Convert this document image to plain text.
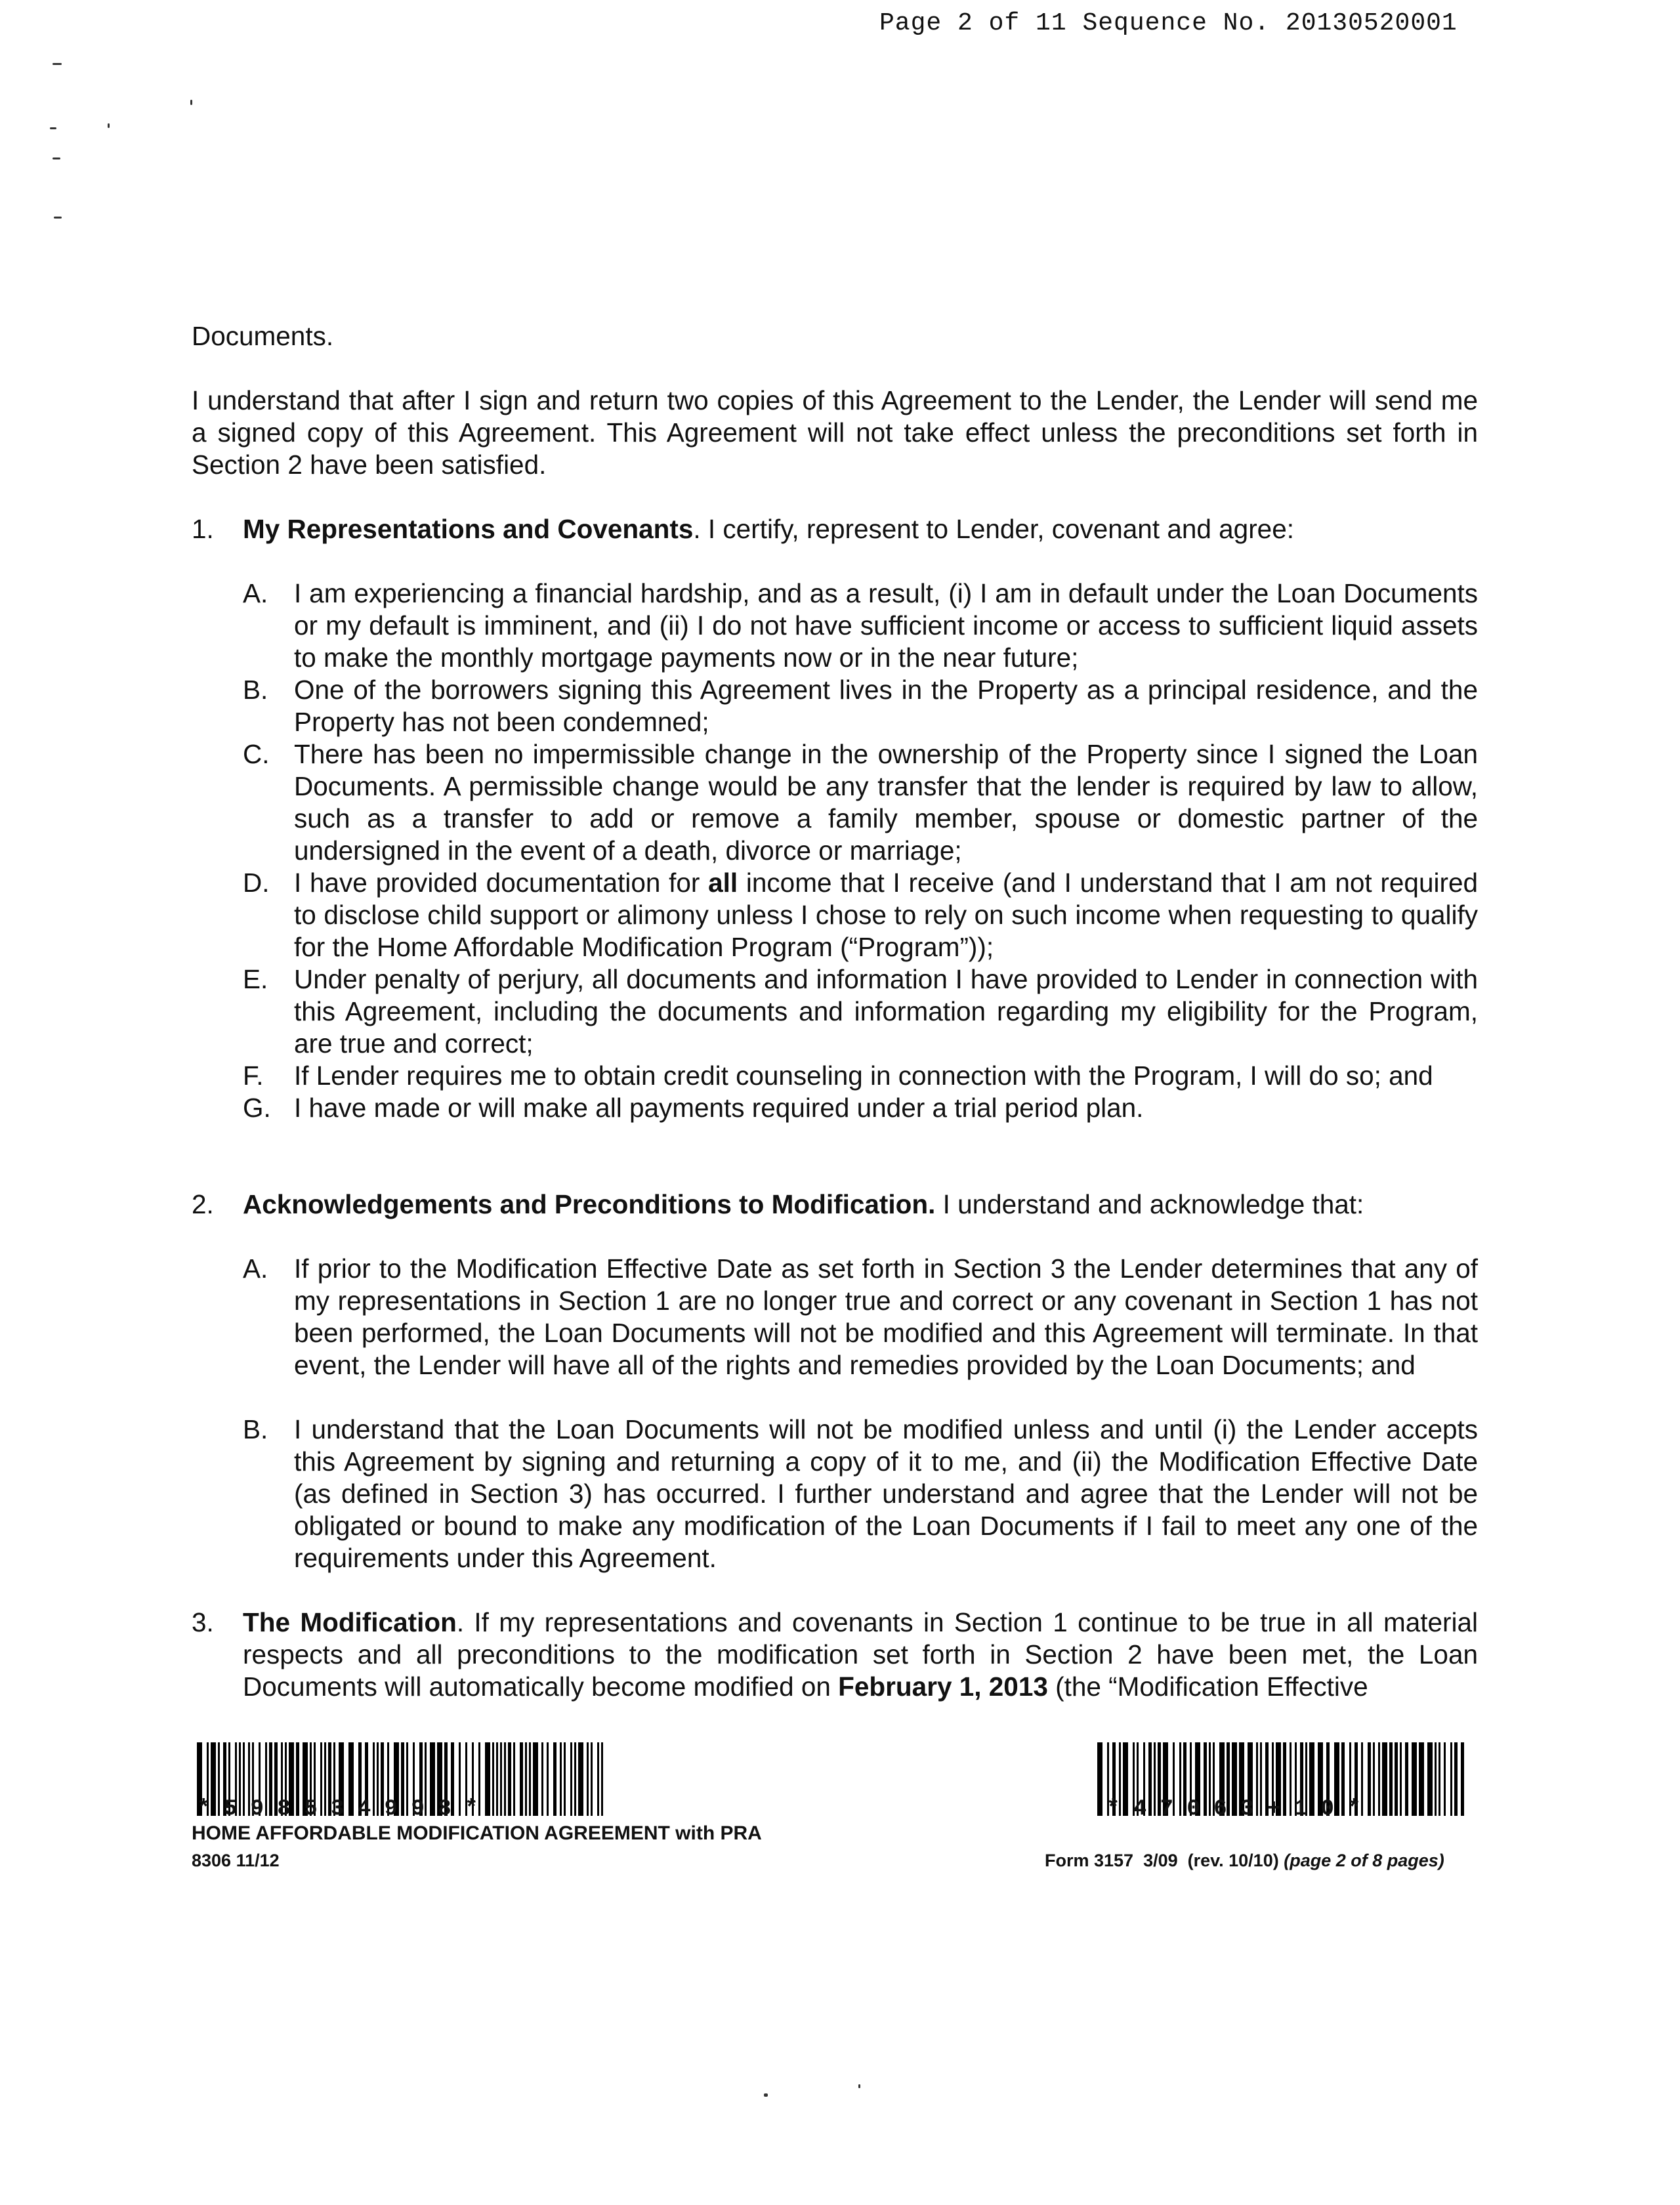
Page 2 of 11 Sequence No. 20130520001

Documents.

I understand that after I sign and return two copies of this Agreement to the Lender, the Lender will send me a signed copy of this Agreement. This Agreement will not take effect unless the preconditions set forth in Section 2 have been satisfied.

1.	My Representations and Covenants. I certify, represent to Lender, covenant and agree:

A. I am experiencing a financial hardship, and as a result, (i) I am in default under the Loan Documents or my default is imminent, and (ii) I do not have sufficient income or access to sufficient liquid assets to make the monthly mortgage payments now or in the near future;
B. One of the borrowers signing this Agreement lives in the Property as a principal residence, and the Property has not been condemned;
C. There has been no impermissible change in the ownership of the Property since I signed the Loan Documents. A permissible change would be any transfer that the lender is required by law to allow, such as a transfer to add or remove a family member, spouse or domestic partner of the undersigned in the event of a death, divorce or marriage;
D. I have provided documentation for all income that I receive (and I understand that I am not required to disclose child support or alimony unless I chose to rely on such income when requesting to qualify for the Home Affordable Modification Program (“Program”));
E. Under penalty of perjury, all documents and information I have provided to Lender in connection with this Agreement, including the documents and information regarding my eligibility for the Program, are true and correct;
F.	If Lender requires me to obtain credit counseling in connection with the Program, I will do so; and
G. I have made or will make all payments required under a trial period plan.
2.	Acknowledgements and Preconditions to Modification. I understand and acknowledge that:

A. If prior to the Modification Effective Date as set forth in Section 3 the Lender determines that any of my representations in Section 1 are no longer true and correct or any covenant in Section 1 has not been performed, the Loan Documents will not be modified and this Agreement will terminate. In that event, the Lender will have all of the rights and remedies provided by the Loan Documents; and
B. I understand that the Loan Documents will not be modified unless and until (i) the Lender accepts this Agreement by signing and returning a copy of it to me, and (ii) the Modification Effective Date (as defined in Section 3) has occurred. I further understand and agree that the Lender will not be obligated or bound to make any modification of the Loan Documents if I fail to meet any one of the requirements under this Agreement.
3.	The Modification. If my representations and covenants in Section 1 continue to be true in all material respects and all preconditions to the modification set forth in Section 2 have been met, the Loan Documents will automatically become modified on February 1, 2013 (the “Modification Effective

* 5 9 8 5 3 4 9 9 8 *	* 4 7 0 6 3 + 1 0 *
HOME AFFORDABLE MODIFICATION AGREEMENT with PRA
8306 11/12	Form 3157  3/09  (rev. 10/10) (page 2 of 8 pages)
